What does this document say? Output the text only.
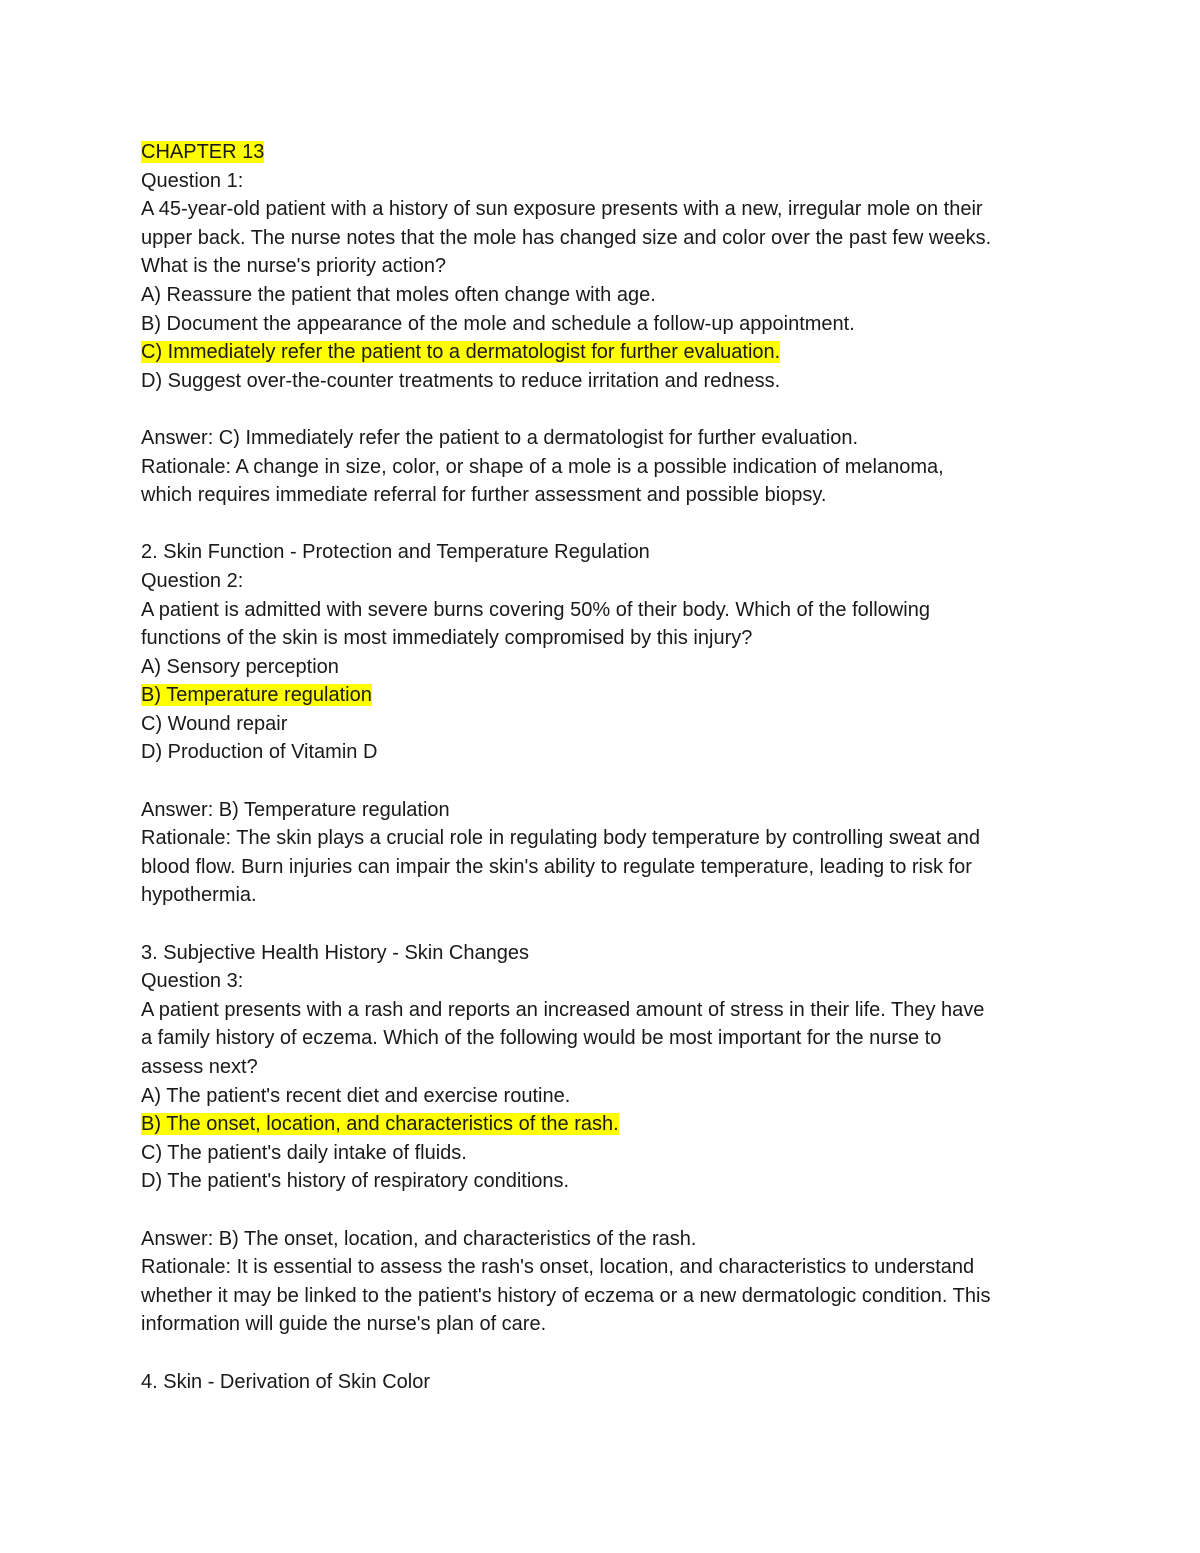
CHAPTER 13
Question 1:
A 45-year-old patient with a history of sun exposure presents with a new, irregular mole on their
upper back. The nurse notes that the mole has changed size and color over the past few weeks.
What is the nurse's priority action?
A) Reassure the patient that moles often change with age.
B) Document the appearance of the mole and schedule a follow-up appointment.
C) Immediately refer the patient to a dermatologist for further evaluation.
D) Suggest over-the-counter treatments to reduce irritation and redness.
Answer: C) Immediately refer the patient to a dermatologist for further evaluation.
Rationale: A change in size, color, or shape of a mole is a possible indication of melanoma,
which requires immediate referral for further assessment and possible biopsy.
2. Skin Function - Protection and Temperature Regulation
Question 2:
A patient is admitted with severe burns covering 50% of their body. Which of the following
functions of the skin is most immediately compromised by this injury?
A) Sensory perception
B) Temperature regulation
C) Wound repair
D) Production of Vitamin D
Answer: B) Temperature regulation
Rationale: The skin plays a crucial role in regulating body temperature by controlling sweat and
blood flow. Burn injuries can impair the skin's ability to regulate temperature, leading to risk for
hypothermia.
3. Subjective Health History - Skin Changes
Question 3:
A patient presents with a rash and reports an increased amount of stress in their life. They have
a family history of eczema. Which of the following would be most important for the nurse to
assess next?
A) The patient's recent diet and exercise routine.
B) The onset, location, and characteristics of the rash.
C) The patient's daily intake of fluids.
D) The patient's history of respiratory conditions.
Answer: B) The onset, location, and characteristics of the rash.
Rationale: It is essential to assess the rash's onset, location, and characteristics to understand
whether it may be linked to the patient's history of eczema or a new dermatologic condition. This
information will guide the nurse's plan of care.
4. Skin - Derivation of Skin Color
